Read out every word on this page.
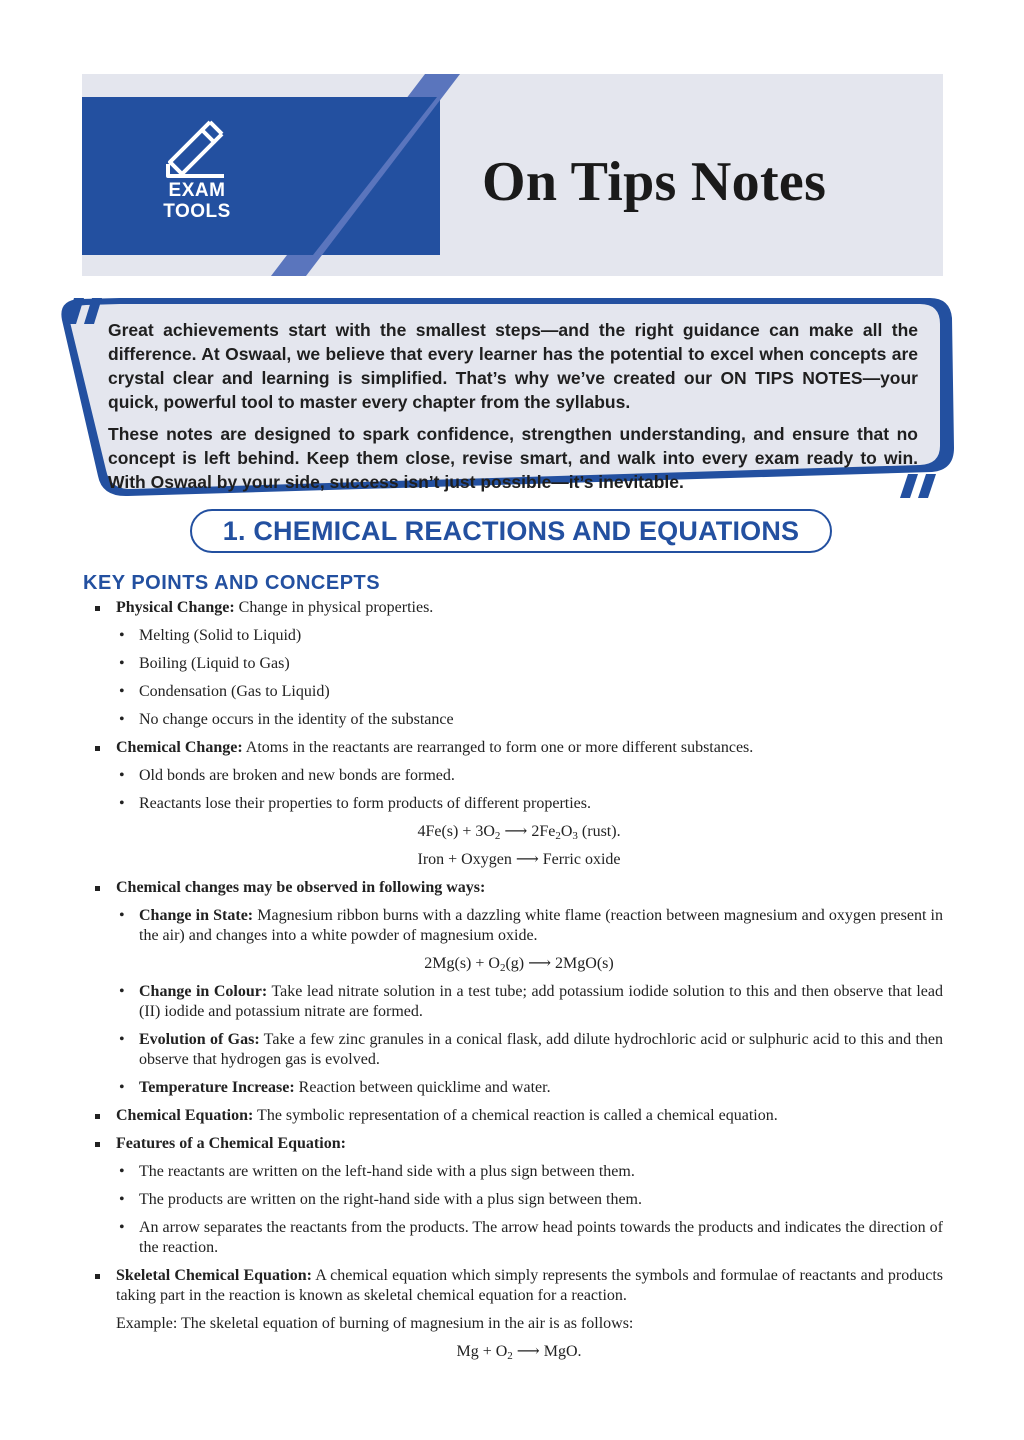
EXAM
TOOLS	On Tips Notes

Great achievements start with the smallest steps—and the right guidance can make all the difference. At Oswaal, we believe that every learner has the potential to excel when concepts are crystal clear and learning is simplified. That’s why we’ve created our ON TIPS NOTES—your quick, powerful tool to master every chapter from the syllabus.

These notes are designed to spark confidence, strengthen understanding, and ensure that no concept is left behind. Keep them close, revise smart, and walk into every exam ready to win. With Oswaal by your side, success isn’t just possible—it’s inevitable.

1. CHEMICAL REACTIONS AND EQUATIONS
KEY POINTS AND CONCEPTS
Physical Change: Change in physical properties.
• Melting (Solid to Liquid)
• Boiling (Liquid to Gas)
• Condensation (Gas to Liquid)
• No change occurs in the identity of the substance
Chemical Change: Atoms in the reactants are rearranged to form one or more different substances.
• Old bonds are broken and new bonds are formed.
• Reactants lose their properties to form products of different properties.
$4Fe(s) + 3O_2$ ⟶ $2Fe_2O_3$ (rust).
Iron + Oxygen ⟶ Ferric oxide
Chemical changes may be observed in following ways:
• Change in State: Magnesium ribbon burns with a dazzling white flame (reaction between magnesium and oxygen present in the air) and changes into a white powder of magnesium oxide.
$2Mg(s) + O_2(g)$ ⟶ 2MgO(s)
• Change in Colour: Take lead nitrate solution in a test tube; add potassium iodide solution to this and then observe that lead (II) iodide and potassium nitrate are formed.
• Evolution of Gas: Take a few zinc granules in a conical flask, add dilute hydrochloric acid or sulphuric acid to this and then observe that hydrogen gas is evolved.
• Temperature Increase: Reaction between quicklime and water.
Chemical Equation: The symbolic representation of a chemical reaction is called a chemical equation.
Features of a Chemical Equation:
• The reactants are written on the left-hand side with a plus sign between them.
• The products are written on the right-hand side with a plus sign between them.
• An arrow separates the reactants from the products. The arrow head points towards the products and indicates the direction of the reaction.
Skeletal Chemical Equation: A chemical equation which simply represents the symbols and formulae of reactants and products taking part in the reaction is known as skeletal chemical equation for a reaction.
Example: The skeletal equation of burning of magnesium in the air is as follows:
$Mg + O_2$ ⟶ MgO.
